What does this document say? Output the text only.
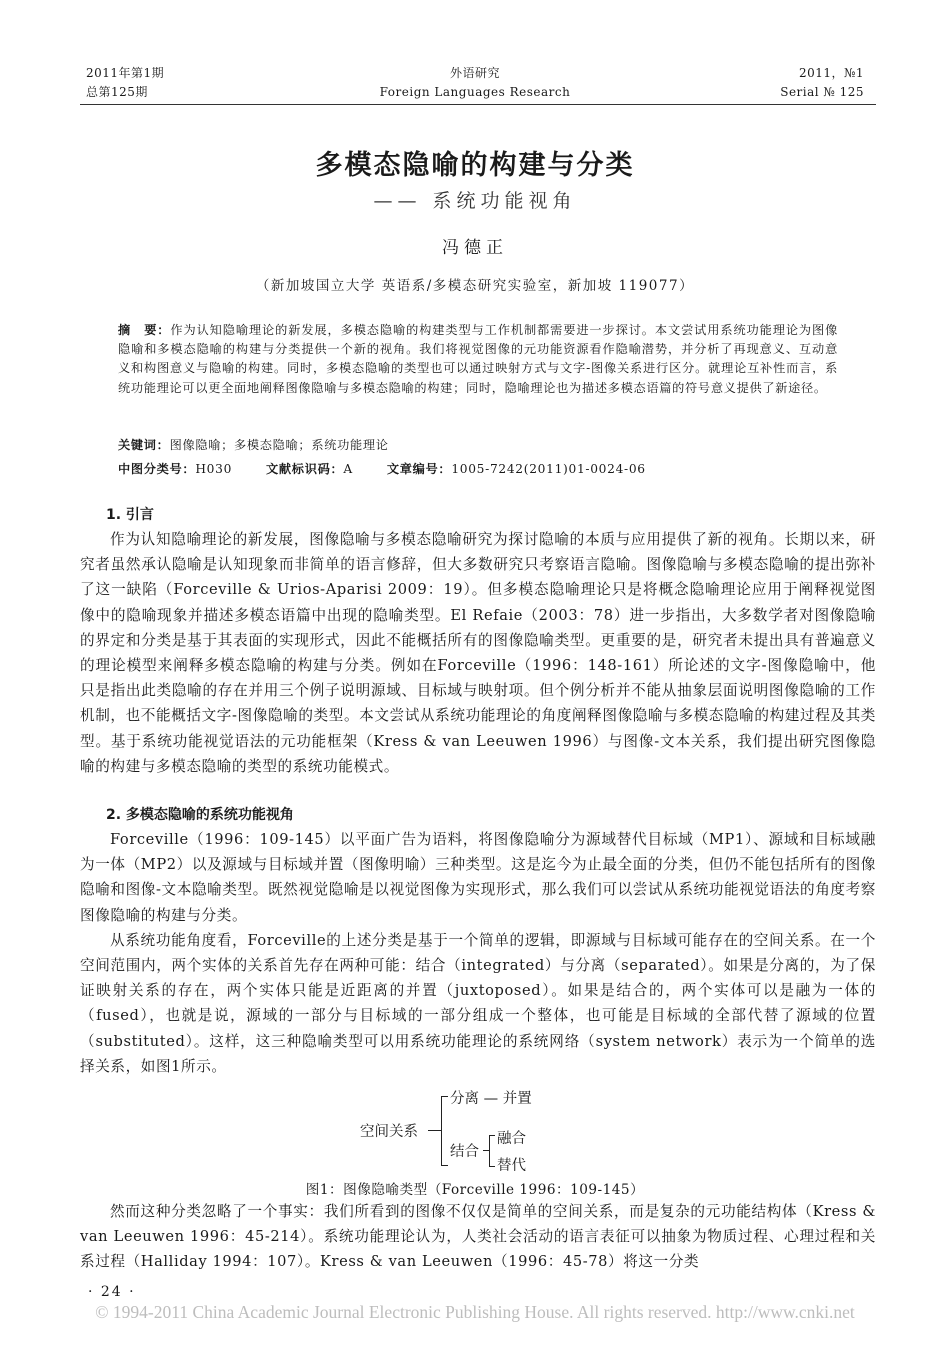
2011年第1期
总第125期
外语研究
Foreign Languages Research
2011，№1
Serial № 125
多模态隐喻的构建与分类
—— 系统功能视角
冯德正
（新加坡国立大学 英语系/多模态研究实验室，新加坡 119077）
摘　要：作为认知隐喻理论的新发展，多模态隐喻的构建类型与工作机制都需要进一步探讨。本文尝试用系统功能理论为图像隐喻和多模态隐喻的构建与分类提供一个新的视角。我们将视觉图像的元功能资源看作隐喻潜势，并分析了再现意义、互动意义和构图意义与隐喻的构建。同时，多模态隐喻的类型也可以通过映射方式与文字-图像关系进行区分。就理论互补性而言，系统功能理论可以更全面地阐释图像隐喻与多模态隐喻的构建；同时，隐喻理论也为描述多模态语篇的符号意义提供了新途径。
关键词：图像隐喻；多模态隐喻；系统功能理论
中图分类号：H030	文献标识码：A	文章编号：1005-7242(2011)01-0024-06
1. 引言

作为认知隐喻理论的新发展，图像隐喻与多模态隐喻研究为探讨隐喻的本质与应用提供了新的视角。长期以来，研究者虽然承认隐喻是认知现象而非简单的语言修辞，但大多数研究只考察语言隐喻。图像隐喻与多模态隐喻的提出弥补了这一缺陷（Forceville & Urios-Aparisi 2009：19）。但多模态隐喻理论只是将概念隐喻理论应用于阐释视觉图像中的隐喻现象并描述多模态语篇中出现的隐喻类型。El Refaie（2003：78）进一步指出，大多数学者对图像隐喻的界定和分类是基于其表面的实现形式，因此不能概括所有的图像隐喻类型。更重要的是，研究者未提出具有普遍意义的理论模型来阐释多模态隐喻的构建与分类。例如在Forceville（1996：148-161）所论述的文字-图像隐喻中，他只是指出此类隐喻的存在并用三个例子说明源域、目标域与映射项。但个例分析并不能从抽象层面说明图像隐喻的工作机制，也不能概括文字-图像隐喻的类型。本文尝试从系统功能理论的角度阐释图像隐喻与多模态隐喻的构建过程及其类型。基于系统功能视觉语法的元功能框架（Kress & van Leeuwen 1996）与图像-文本关系，我们提出研究图像隐喻的构建与多模态隐喻的类型的系统功能模式。

2. 多模态隐喻的系统功能视角

Forceville（1996：109-145）以平面广告为语料，将图像隐喻分为源域替代目标域（MP1）、源域和目标域融为一体（MP2）以及源域与目标域并置（图像明喻）三种类型。这是迄今为止最全面的分类，但仍不能包括所有的图像隐喻和图像-文本隐喻类型。既然视觉隐喻是以视觉图像为实现形式，那么我们可以尝试从系统功能视觉语法的角度考察图像隐喻的构建与分类。

从系统功能角度看，Forceville的上述分类是基于一个简单的逻辑，即源域与目标域可能存在的空间关系。在一个空间范围内，两个实体的关系首先存在两种可能：结合（integrated）与分离（separated）。如果是分离的，为了保证映射关系的存在，两个实体只能是近距离的并置（juxtoposed）。如果是结合的，两个实体可以是融为一体的（fused），也就是说，源域的一部分与目标域的一部分组成一个整体，也可能是目标域的全部代替了源域的位置（substituted）。这样，这三种隐喻类型可以用系统功能理论的系统网络（system network）表示为一个简单的选择关系，如图1所示。

空间关系
分离 — 并置
结合
融合
替代
图1：图像隐喻类型（Forceville 1996：109-145）

然而这种分类忽略了一个事实：我们所看到的图像不仅仅是简单的空间关系，而是复杂的元功能结构体（Kress & van Leeuwen 1996：45-214）。系统功能理论认为，人类社会活动的语言表征可以抽象为物质过程、心理过程和关系过程（Halliday 1994：107）。Kress & van Leeuwen（1996：45-78）将这一分类

· 24 ·
© 1994-2011 China Academic Journal Electronic Publishing House. All rights reserved. http://www.cnki.net
